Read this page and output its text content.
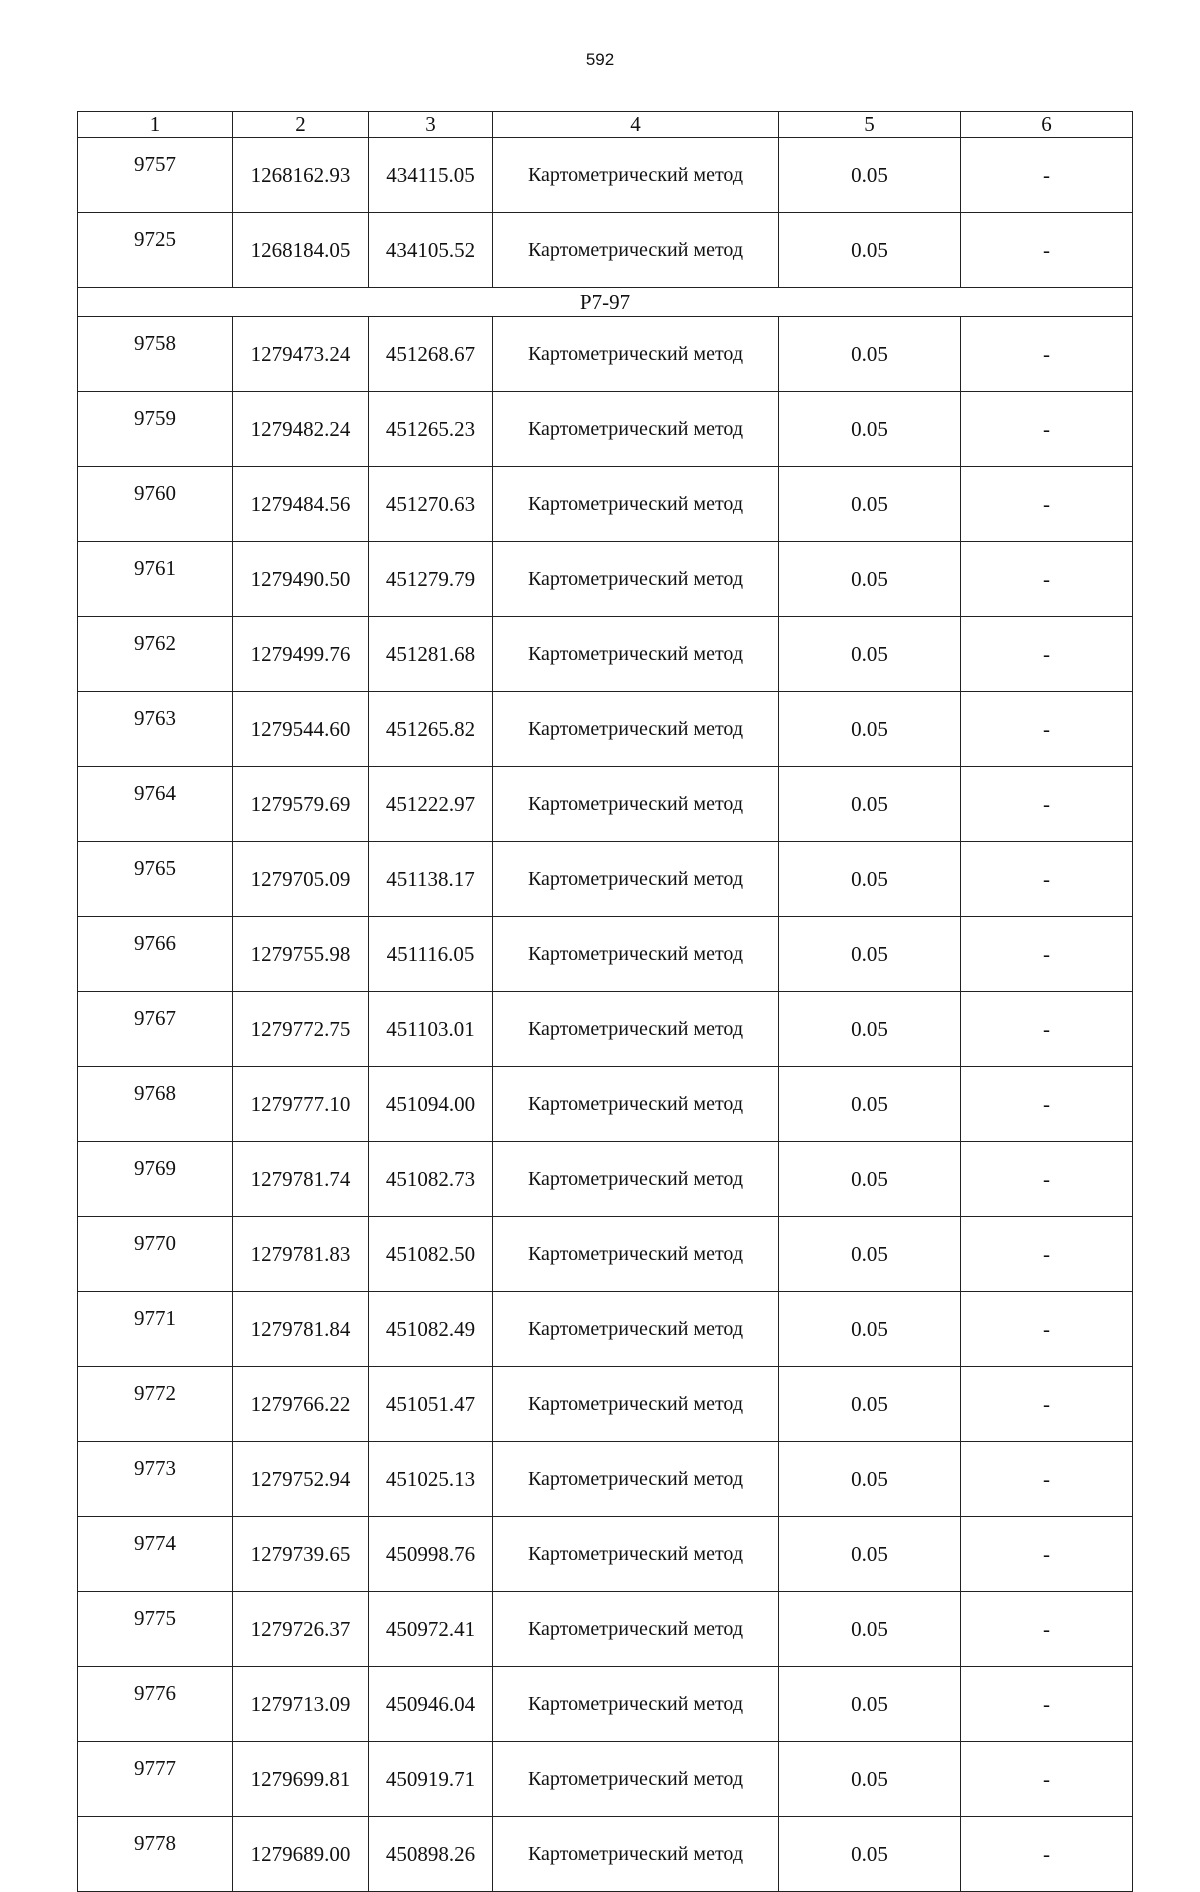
592
1	2	3	4	5	6
9757	1268162.93	434115.05	Картометрический метод	0.05	-
9725	1268184.05	434105.52	Картометрический метод	0.05	-
P7-97					
9758	1279473.24	451268.67	Картометрический метод	0.05	-
9759	1279482.24	451265.23	Картометрический метод	0.05	-
9760	1279484.56	451270.63	Картометрический метод	0.05	-
9761	1279490.50	451279.79	Картометрический метод	0.05	-
9762	1279499.76	451281.68	Картометрический метод	0.05	-
9763	1279544.60	451265.82	Картометрический метод	0.05	-
9764	1279579.69	451222.97	Картометрический метод	0.05	-
9765	1279705.09	451138.17	Картометрический метод	0.05	-
9766	1279755.98	451116.05	Картометрический метод	0.05	-
9767	1279772.75	451103.01	Картометрический метод	0.05	-
9768	1279777.10	451094.00	Картометрический метод	0.05	-
9769	1279781.74	451082.73	Картометрический метод	0.05	-
9770	1279781.83	451082.50	Картометрический метод	0.05	-
9771	1279781.84	451082.49	Картометрический метод	0.05	-
9772	1279766.22	451051.47	Картометрический метод	0.05	-
9773	1279752.94	451025.13	Картометрический метод	0.05	-
9774	1279739.65	450998.76	Картометрический метод	0.05	-
9775	1279726.37	450972.41	Картометрический метод	0.05	-
9776	1279713.09	450946.04	Картометрический метод	0.05	-
9777	1279699.81	450919.71	Картометрический метод	0.05	-
9778	1279689.00	450898.26	Картометрический метод	0.05	-
